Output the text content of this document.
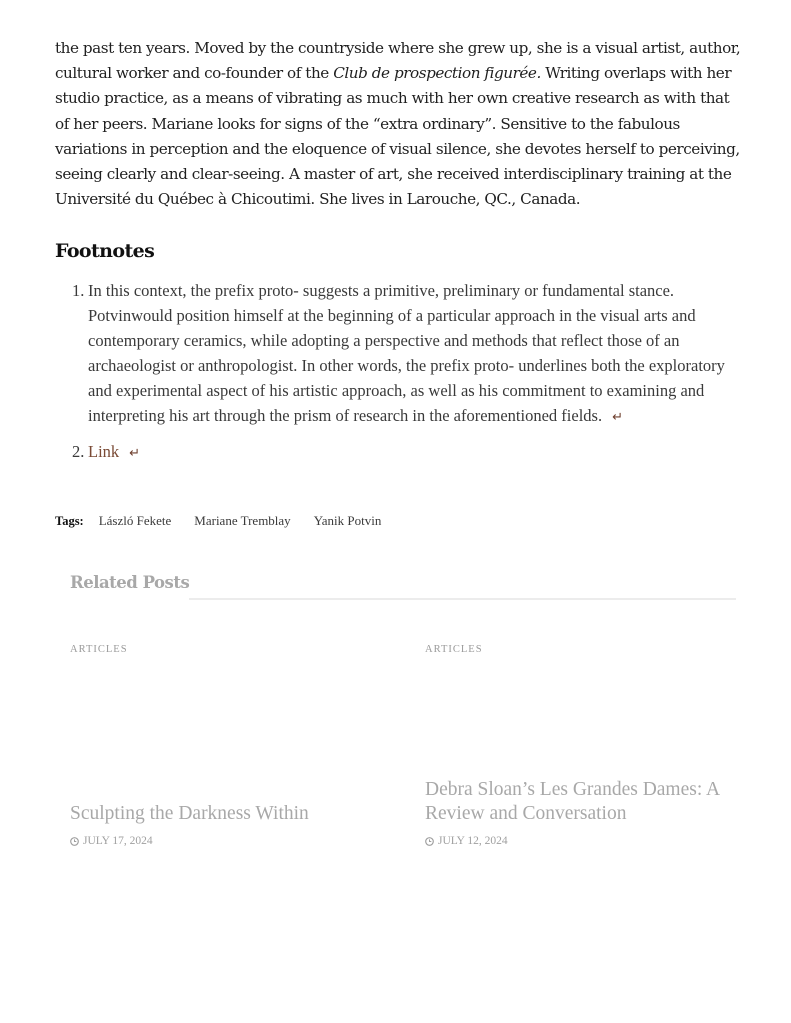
the past ten years. Moved by the countryside where she grew up, she is a visual artist, author, cultural worker and co-founder of the Club de prospection figurée. Writing overlaps with her studio practice, as a means of vibrating as much with her own creative research as with that of her peers. Mariane looks for signs of the “extra ordinary”. Sensitive to the fabulous variations in perception and the eloquence of visual silence, she devotes herself to perceiving, seeing clearly and clear-seeing. A master of art, she received interdisciplinary training at the Université du Québec à Chicoutimi. She lives in Larouche, QC., Canada.

Footnotes
1. In this context, the prefix proto- suggests a primitive, preliminary or fundamental stance. Potvinwould position himself at the beginning of a particular approach in the visual arts and contemporary ceramics, while adopting a perspective and methods that reflect those of an archaeologist or anthropologist. In other words, the prefix proto- underlines both the exploratory and experimental aspect of his artistic approach, as well as his commitment to examining and interpreting his art through the prism of research in the aforementioned fields. ↵
2. Link ↵
Tags: László Fekete Mariane Tremblay Yanik Potvin
Related Posts
ARTICLES
Sculpting the Darkness Within
JULY 17, 2024
ARTICLES
Debra Sloan’s Les Grandes Dames: A Review and Conversation
JULY 12, 2024
